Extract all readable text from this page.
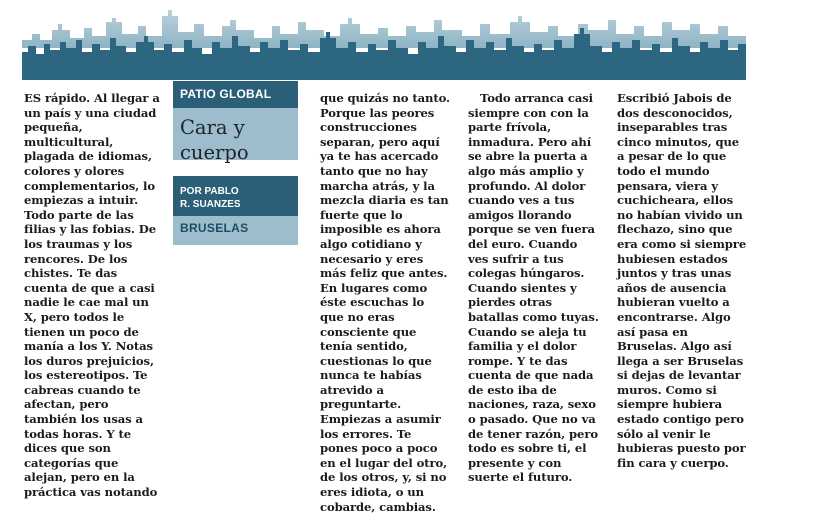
ES rápido. Al llegar a un país y una ciudad pequeña, multicultural, plagada de idiomas, colores y olores complementarios, lo empiezas a intuir. Todo parte de las filias y las fobias. De los traumas y los rencores. De los chistes. Te das cuenta de que a casi nadie le cae mal un X, pero todos le tienen un poco de manía a los Y. Notas los duros prejuicios, los estereotipos. Te cabreas cuando te afectan, pero también los usas a todas horas. Y te dices que son categorías que alejan, pero en la práctica vas notando

PATIO GLOBAL
Cara y
cuerpo
POR PABLO
R. SUANZES
BRUSELAS

que quizás no tanto. Porque las peores construcciones separan, pero aquí ya te has acercado tanto que no hay marcha atrás, y la mezcla diaria es tan fuerte que lo imposible es ahora algo cotidiano y necesario y eres más feliz que antes.

En lugares como éste escuchas lo que no eras consciente que tenía sentido, cuestionas lo que nunca te habías atrevido a preguntarte. Empiezas a asumir los errores. Te pones poco a poco en el lugar del otro, de los otros, y, si no eres idiota, o un cobarde, cambias.

Todo arranca casi siempre con con la parte frívola, inmadura. Pero ahí se abre la puerta a algo más amplio y profundo. Al dolor cuando ves a tus amigos llorando porque se ven fuera del euro. Cuando ves sufrir a tus colegas húngaros. Cuando sientes y pierdes otras batallas como tuyas. Cuando se aleja tu familia y el dolor rompe. Y te das cuenta de que nada de esto iba de naciones, raza, sexo o pasado. Que no va de tener razón, pero todo es sobre ti, el presente y con suerte el futuro.

Escribió Jabois de dos desconocidos, inseparables tras cinco minutos, que a pesar de lo que todo el mundo pensara, viera y cuchicheara, ellos no habían vivido un flechazo, sino que era como si siempre hubiesen estados juntos y tras unas años de ausencia hubieran vuelto a encontrarse. Algo así pasa en Bruselas. Algo así llega a ser Bruselas si dejas de levantar muros. Como si siempre hubiera estado contigo pero sólo al venir le hubieras puesto por fin cara y cuerpo.
